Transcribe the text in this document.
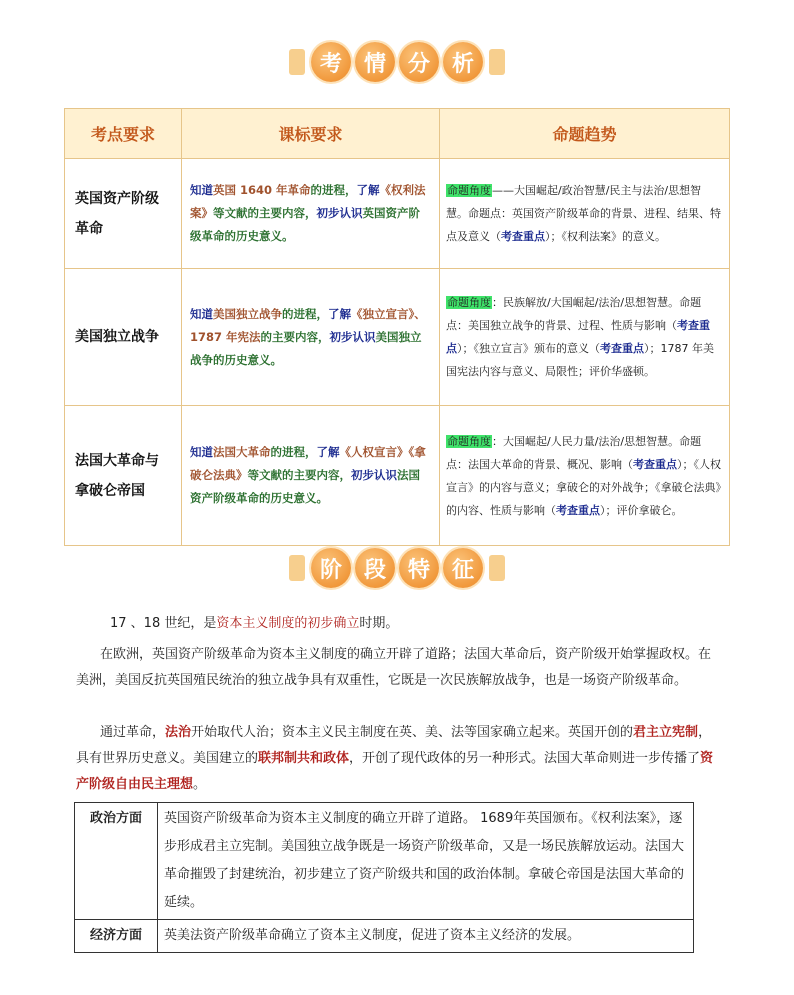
考 情 分 析
考点要求	课标要求	命题趋势
英国资产阶级革命	知道英国 1640 年革命的进程，了解《权利法案》等文献的主要内容，初步认识英国资产阶级革命的历史意义。	命题角度——大国崛起/政治智慧/民主与法治/思想智慧。命题点：英国资产阶级革命的背景、进程、结果、特点及意义（考查重点）；《权利法案》的意义。
美国独立战争	知道美国独立战争的进程，了解《独立宣言》、 1787 年宪法的主要内容，初步认识美国独立战争的历史意义。	命题角度：民族解放/大国崛起/法治/思想智慧。命题点：美国独立战争的背景、过程、性质与影响（考查重点）；《独立宣言》颁布的意义（考查重点）；1787 年美国宪法内容与意义、局限性；评价华盛顿。
法国大革命与拿破仑帝国	知道法国大革命的进程，了解《人权宣言》《拿破仑法典》等文献的主要内容，初步认识法国资产阶级革命的历史意义。	命题角度：大国崛起/人民力量/法治/思想智慧。命题点：法国大革命的背景、概况、影响（考查重点）；《人权宣言》的内容与意义；拿破仑的对外战争；《拿破仑法典》的内容、性质与影响（考查重点）；评价拿破仑。
阶 段 特 征
17 、18 世纪，是资本主义制度的初步确立时期。
在欧洲，英国资产阶级革命为资本主义制度的确立开辟了道路；法国大革命后，资产阶级开始掌握政权。在美洲，美国反抗英国殖民统治的独立战争具有双重性，它既是一次民族解放战争，也是一场资产阶级革命。
通过革命，法治开始取代人治；资本主义民主制度在英、美、法等国家确立起来。英国开创的君主立宪制，具有世界历史意义。美国建立的联邦制共和政体，开创了现代政体的另一种形式。法国大革命则进一步传播了资产阶级自由民主理想。
政治方面	英国资产阶级革命为资本主义制度的确立开辟了道路。 1689年英国颁布。《权利法案》，逐步形成君主立宪制。美国独立战争既是一场资产阶级革命，又是一场民族解放运动。法国大革命摧毁了封建统治，初步建立了资产阶级共和国的政治体制。拿破仑帝国是法国大革命的延续。
经济方面	英美法资产阶级革命确立了资本主义制度，促进了资本主义经济的发展。
